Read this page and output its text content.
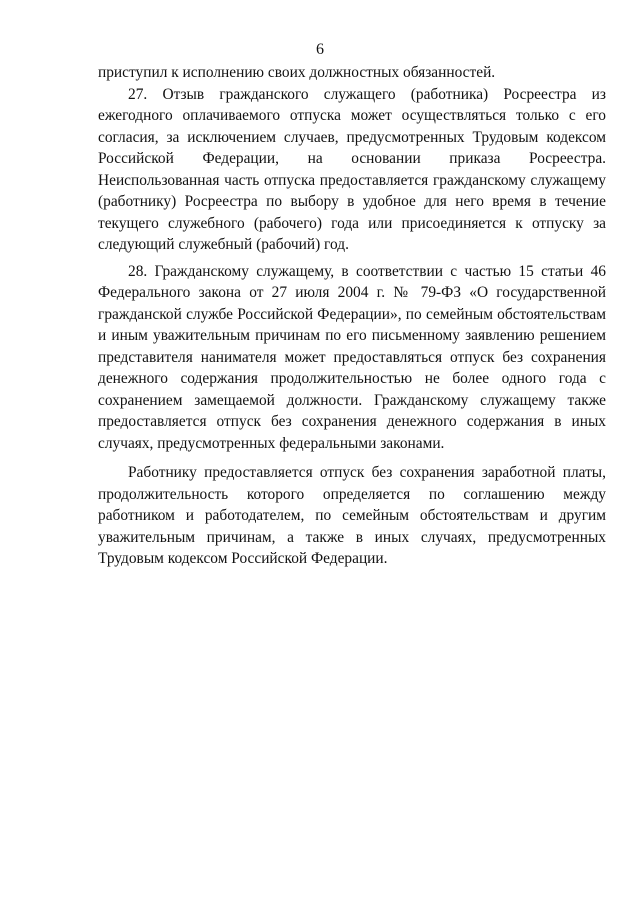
6

приступил к исполнению своих должностных обязанностей.

27. Отзыв гражданского служащего (работника) Росреестра из ежегодного оплачиваемого отпуска может осуществляться только с его согласия, за исключением случаев, предусмотренных Трудовым кодексом Российской Федерации, на основании приказа Росреестра. Неиспользованная часть отпуска предоставляется гражданскому служащему (работнику) Росреестра по выбору в удобное для него время в течение текущего служебного (рабочего) года или присоединяется к отпуску за следующий служебный (рабочий) год.

28. Гражданскому служащему, в соответствии с частью 15 статьи 46 Федерального закона от 27 июля 2004 г. № 79-ФЗ «О государственной гражданской службе Российской Федерации», по семейным обстоятельствам и иным уважительным причинам по его письменному заявлению решением представителя нанимателя может предоставляться отпуск без сохранения денежного содержания продолжительностью не более одного года с сохранением замещаемой должности. Гражданскому служащему также предоставляется отпуск без сохранения денежного содержания в иных случаях, предусмотренных федеральными законами.

Работнику предоставляется отпуск без сохранения заработной платы, продолжительность которого определяется по соглашению между работником и работодателем, по семейным обстоятельствам и другим уважительным причинам, а также в иных случаях, предусмотренных Трудовым кодексом Российской Федерации.
